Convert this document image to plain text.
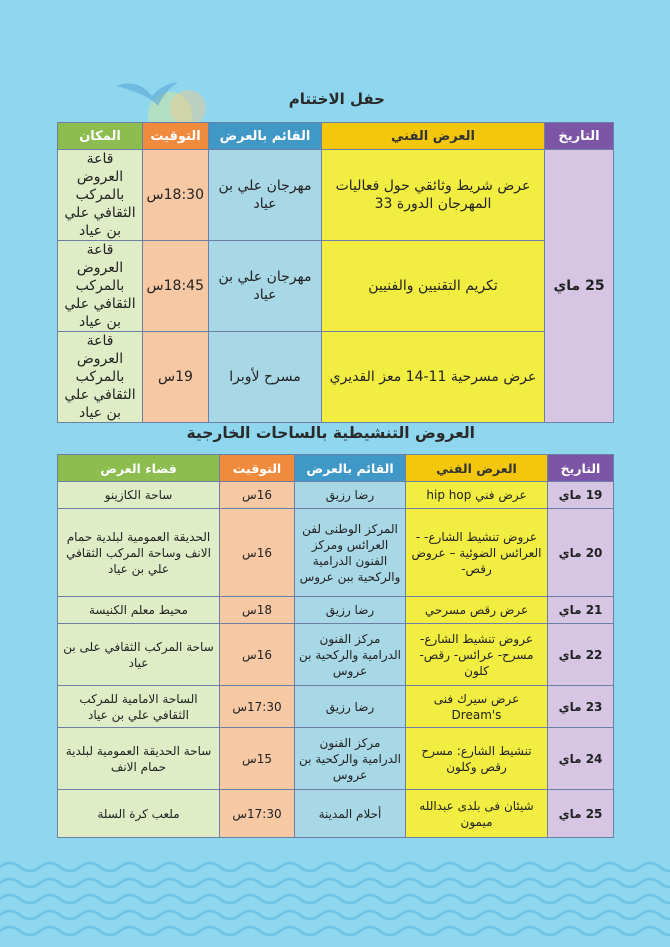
حفل الاختتام
التاريخ	العرض الفني	القائم بالعرض	التوقيت	المكان
25 ماي	عرض شريط وثائقي حول فعاليات المهرجان الدورة 33	مهرجان علي بن عياد	18:30س	قاعة العروض بالمركب الثقافي علي بن عياد
	تكريم التقنيين والفنيين	مهرجان علي بن عياد	18:45س	قاعة العروض بالمركب الثقافي علي بن عياد
	عرض مسرحية 11-14 معز القديري	مسرح لأوبرا	19س	قاعة العروض بالمركب الثقافي علي بن عياد
العروض التنشيطية بالساحات الخارجية
التاريخ	العرض الفني	القائم بالعرض	التوقيت	فضاء العرض
19 ماي	عرض فني hip hop	رضا رزيق	16س	ساحة الكازينو
20 ماي	عروض تنشيط الشارع- - العرائس الضوئية – عروض رقص-	المركز الوطنى لفن العرائس ومركز الفنون الدرامية والركحية ببن عروس	16س	الحديقة العمومية لبلدية حمام الانف وساحة المركب الثقافي علي بن عياد
21 ماي	عرض رقص مسرحي	رضا رزيق	18س	محيط معلم الكنيسة
22 ماي	عروض تنشيط الشارع- مسرح- عرائس- رقص- كلون	مركز الفنون الدرامية والركحية بن عروس	16س	ساحة المركب الثقافي على بن عياد
23 ماي	عرض سيرك فنى Dream's	رضا رزيق	17:30س	الساحة الامامية للمركب الثقافي علي بن عياد
24 ماي	تنشيط الشارع: مسرح رقص وكلون	مركز الفنون الدرامية والركحية بن عروس	15س	ساحة الحديقة العمومية لبلدية حمام الانف
25 ماي	شيئان فى بلدى عبدالله ميمون	أحلام المدينة	17:30س	ملعب كرة السلة
